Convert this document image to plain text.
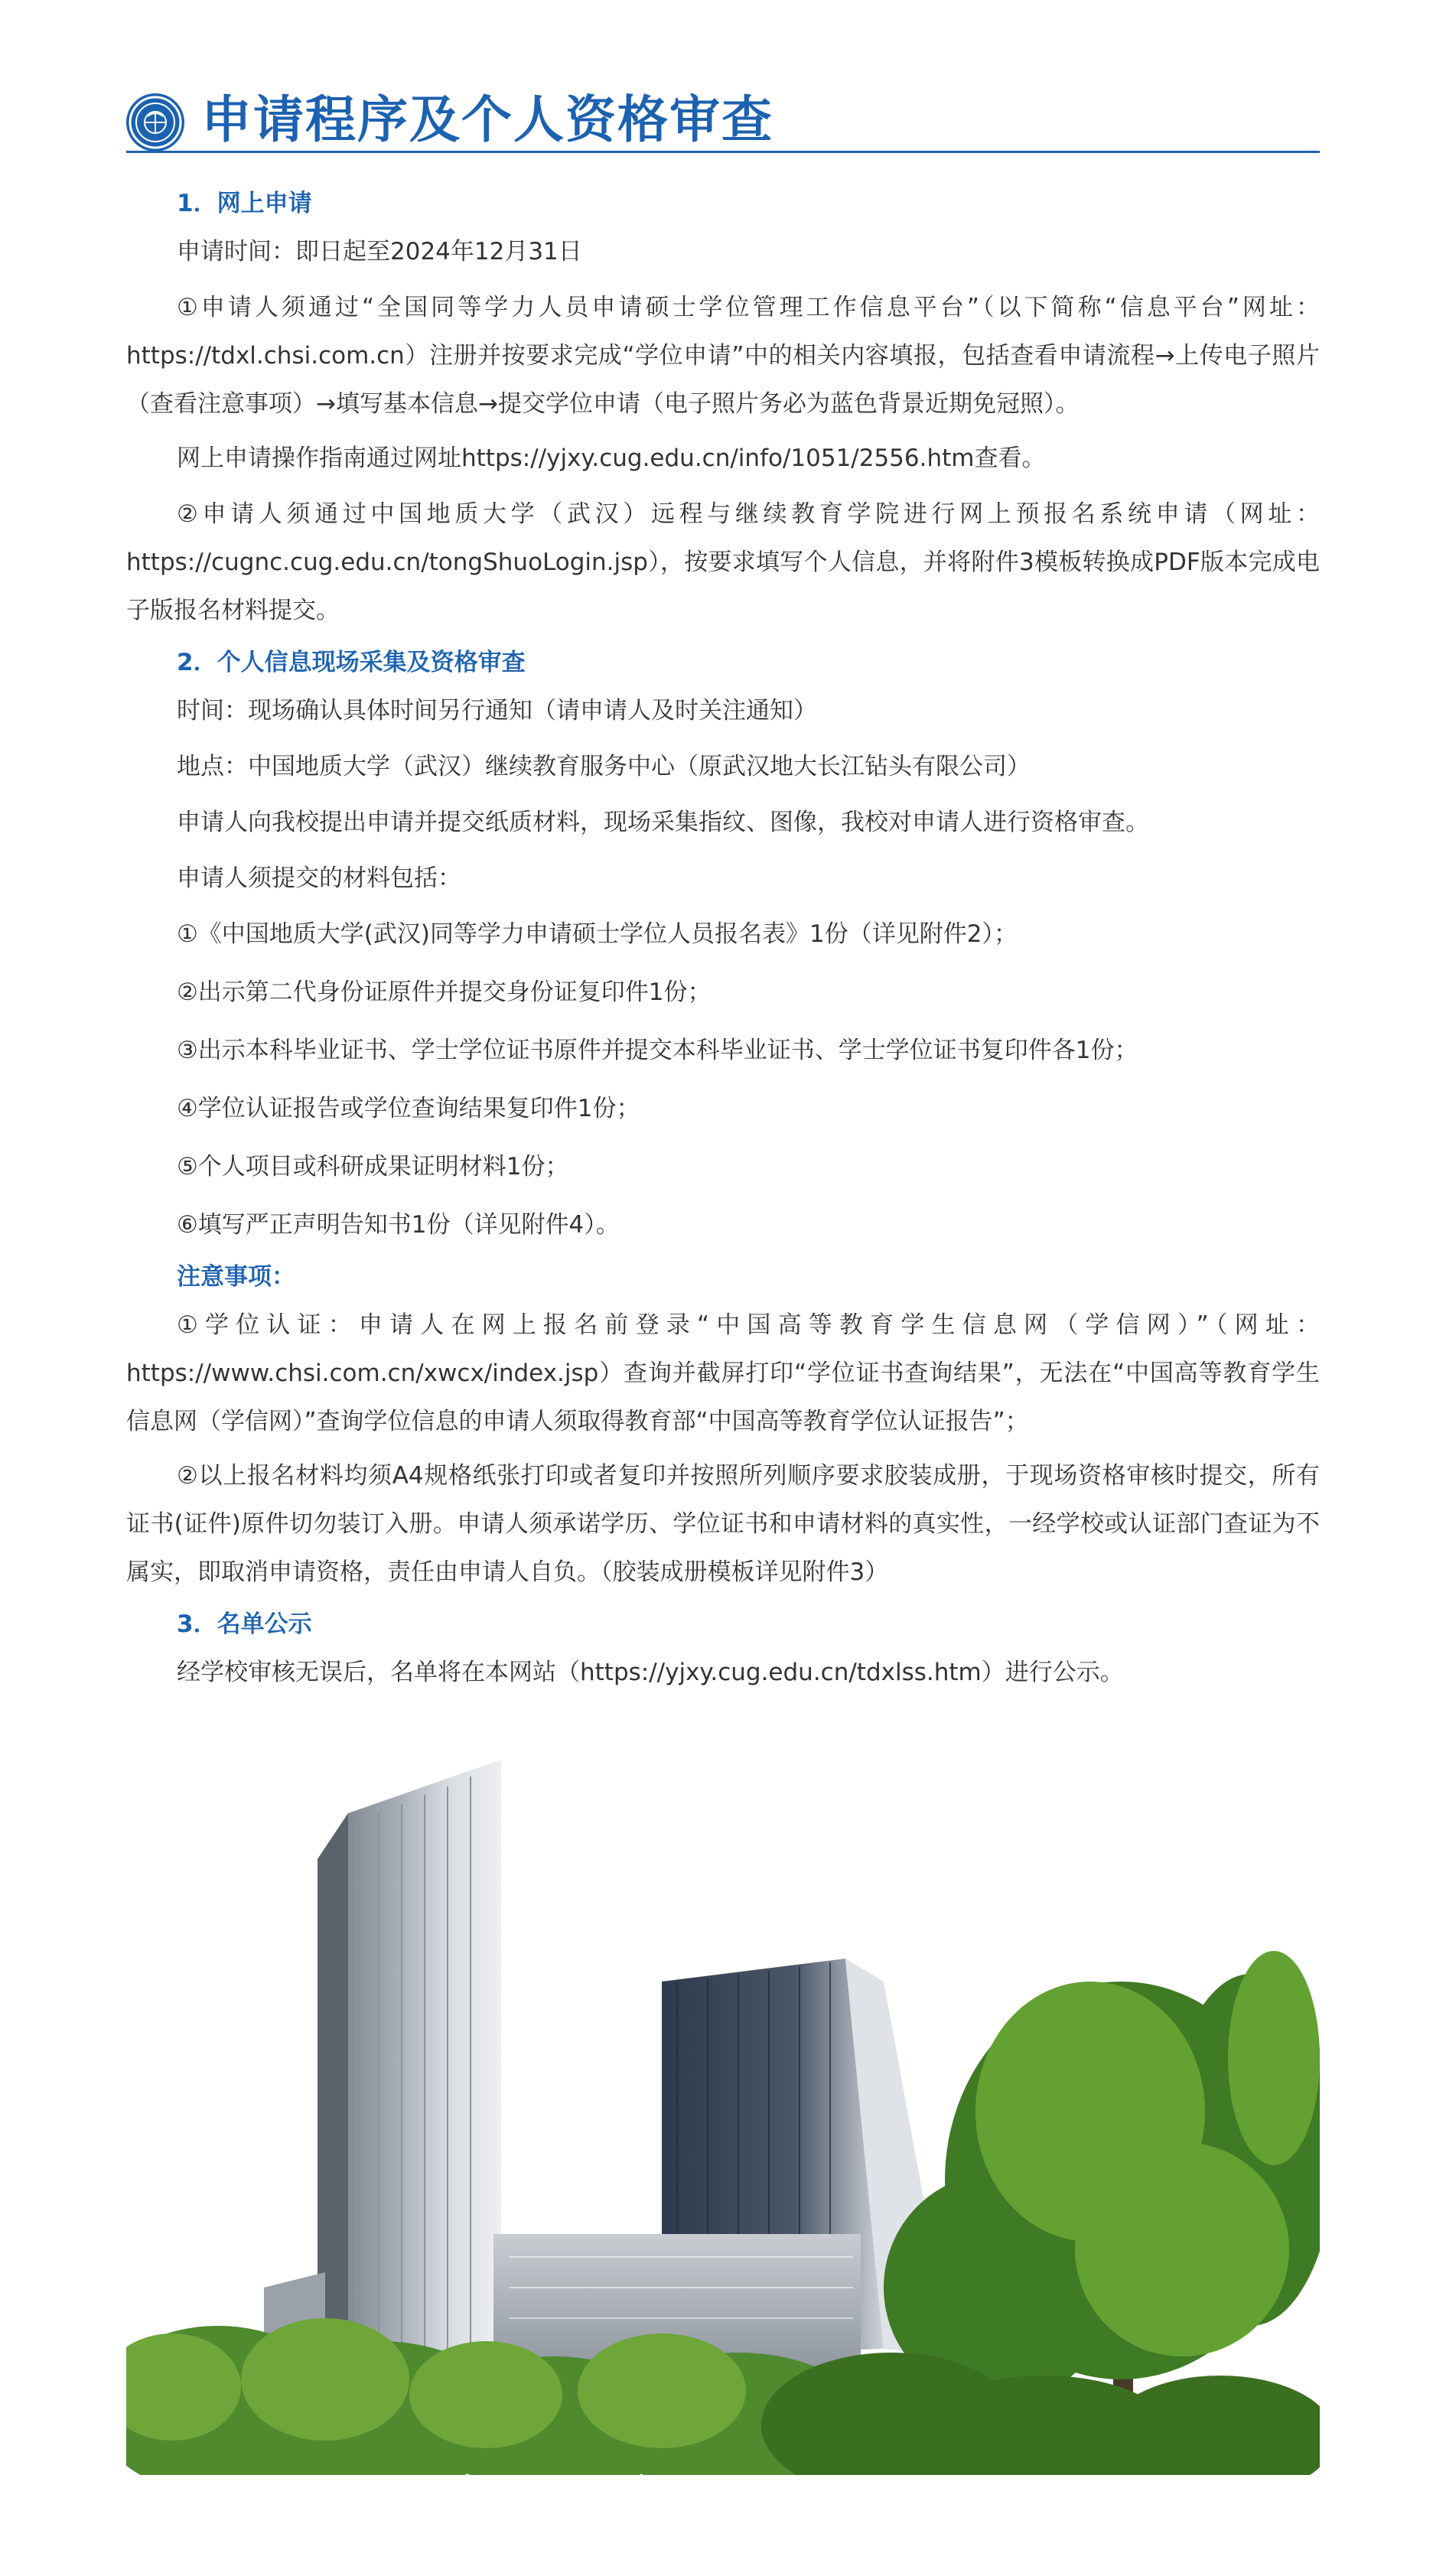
申请程序及个人资格审查
1．网上申请
申请时间：即日起至2024年12月31日
①申请人须通过“全国同等学力人员申请硕士学位管理工作信息平台”（以下简称“信息平台”网址：https://tdxl.chsi.com.cn）注册并按要求完成“学位申请”中的相关内容填报，包括查看申请流程→上传电子照片（查看注意事项）→填写基本信息→提交学位申请（电子照片务必为蓝色背景近期免冠照）。
网上申请操作指南通过网址https://yjxy.cug.edu.cn/info/1051/2556.htm查看。
②申请人须通过中国地质大学（武汉）远程与继续教育学院进行网上预报名系统申请（网址：https://cugnc.cug.edu.cn/tongShuoLogin.jsp），按要求填写个人信息，并将附件3模板转换成PDF版本完成电子版报名材料提交。
2．个人信息现场采集及资格审查
时间：现场确认具体时间另行通知（请申请人及时关注通知）
地点：中国地质大学（武汉）继续教育服务中心（原武汉地大长江钻头有限公司）
申请人向我校提出申请并提交纸质材料，现场采集指纹、图像，我校对申请人进行资格审查。
申请人须提交的材料包括：
①《中国地质大学(武汉)同等学力申请硕士学位人员报名表》1份（详见附件2）；
②出示第二代身份证原件并提交身份证复印件1份；
③出示本科毕业证书、学士学位证书原件并提交本科毕业证书、学士学位证书复印件各1份；
④学位认证报告或学位查询结果复印件1份；
⑤个人项目或科研成果证明材料1份；
⑥填写严正声明告知书1份（详见附件4）。
注意事项：
①学位认证：申请人在网上报名前登录“中国高等教育学生信息网（学信网）”（网址：https://www.chsi.com.cn/xwcx/index.jsp）查询并截屏打印“学位证书查询结果”，无法在“中国高等教育学生信息网（学信网）”查询学位信息的申请人须取得教育部“中国高等教育学位认证报告”；
②以上报名材料均须A4规格纸张打印或者复印并按照所列顺序要求胶装成册，于现场资格审核时提交，所有证书(证件)原件切勿装订入册。申请人须承诺学历、学位证书和申请材料的真实性，一经学校或认证部门查证为不属实，即取消申请资格，责任由申请人自负。（胶装成册模板详见附件3）
3．名单公示
经学校审核无误后，名单将在本网站（https://yjxy.cug.edu.cn/tdxlss.htm）进行公示。
